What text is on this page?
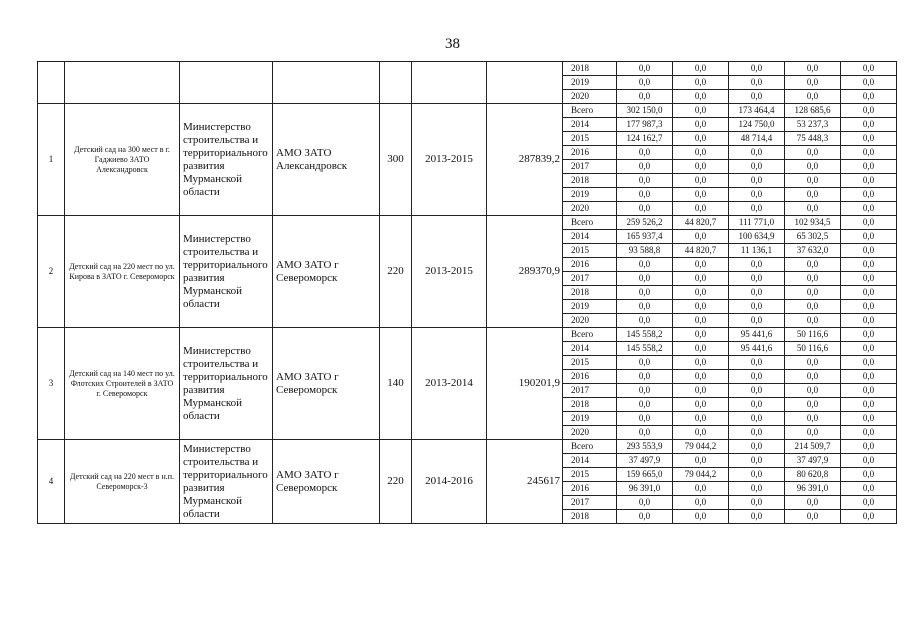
38
							2018	0,0	0,0	0,0	0,0	0,0
							2019	0,0	0,0	0,0	0,0	0,0
							2020	0,0	0,0	0,0	0,0	0,0
1	Детский сад на 300 мест в г. Гаджиево ЗАТО Александровск	Министерство строительства и территориального развития Мурманской области	АМО ЗАТО Александровск	300	2013-2015	287839,2	Всего	302 150,0	0,0	173 464,4	128 685,6	0,0
							2014	177 987,3	0,0	124 750,0	53 237,3	0,0
							2015	124 162,7	0,0	48 714,4	75 448,3	0,0
							2016	0,0	0,0	0,0	0,0	0,0
							2017	0,0	0,0	0,0	0,0	0,0
							2018	0,0	0,0	0,0	0,0	0,0
							2019	0,0	0,0	0,0	0,0	0,0
							2020	0,0	0,0	0,0	0,0	0,0
2	Детский сад на 220 мест по ул. Кирова в ЗАТО г. Североморск	Министерство строительства и территориального развития Мурманской области	АМО ЗАТО г Североморск	220	2013-2015	289370,9	Всего	259 526,2	44 820,7	111 771,0	102 934,5	0,0
							2014	165 937,4	0,0	100 634,9	65 302,5	0,0
							2015	93 588,8	44 820,7	11 136,1	37 632,0	0,0
							2016	0,0	0,0	0,0	0,0	0,0
							2017	0,0	0,0	0,0	0,0	0,0
							2018	0,0	0,0	0,0	0,0	0,0
							2019	0,0	0,0	0,0	0,0	0,0
							2020	0,0	0,0	0,0	0,0	0,0
3	Детский сад на 140 мест по ул. Флотских Строителей в ЗАТО г. Североморск	Министерство строительства и территориального развития Мурманской области	АМО ЗАТО г Североморск	140	2013-2014	190201,9	Всего	145 558,2	0,0	95 441,6	50 116,6	0,0
							2014	145 558,2	0,0	95 441,6	50 116,6	0,0
							2015	0,0	0,0	0,0	0,0	0,0
							2016	0,0	0,0	0,0	0,0	0,0
							2017	0,0	0,0	0,0	0,0	0,0
							2018	0,0	0,0	0,0	0,0	0,0
							2019	0,0	0,0	0,0	0,0	0,0
							2020	0,0	0,0	0,0	0,0	0,0
4	Детский сад на 220 мест в н.п. Североморск-3	Министерство строительства и территориального развития Мурманской области	АМО ЗАТО г Североморск	220	2014-2016	245617	Всего	293 553,9	79 044,2	0,0	214 509,7	0,0
							2014	37 497,9	0,0	0,0	37 497,9	0,0
							2015	159 665,0	79 044,2	0,0	80 620,8	0,0
							2016	96 391,0	0,0	0,0	96 391,0	0,0
							2017	0,0	0,0	0,0	0,0	0,0
							2018	0,0	0,0	0,0	0,0	0,0
